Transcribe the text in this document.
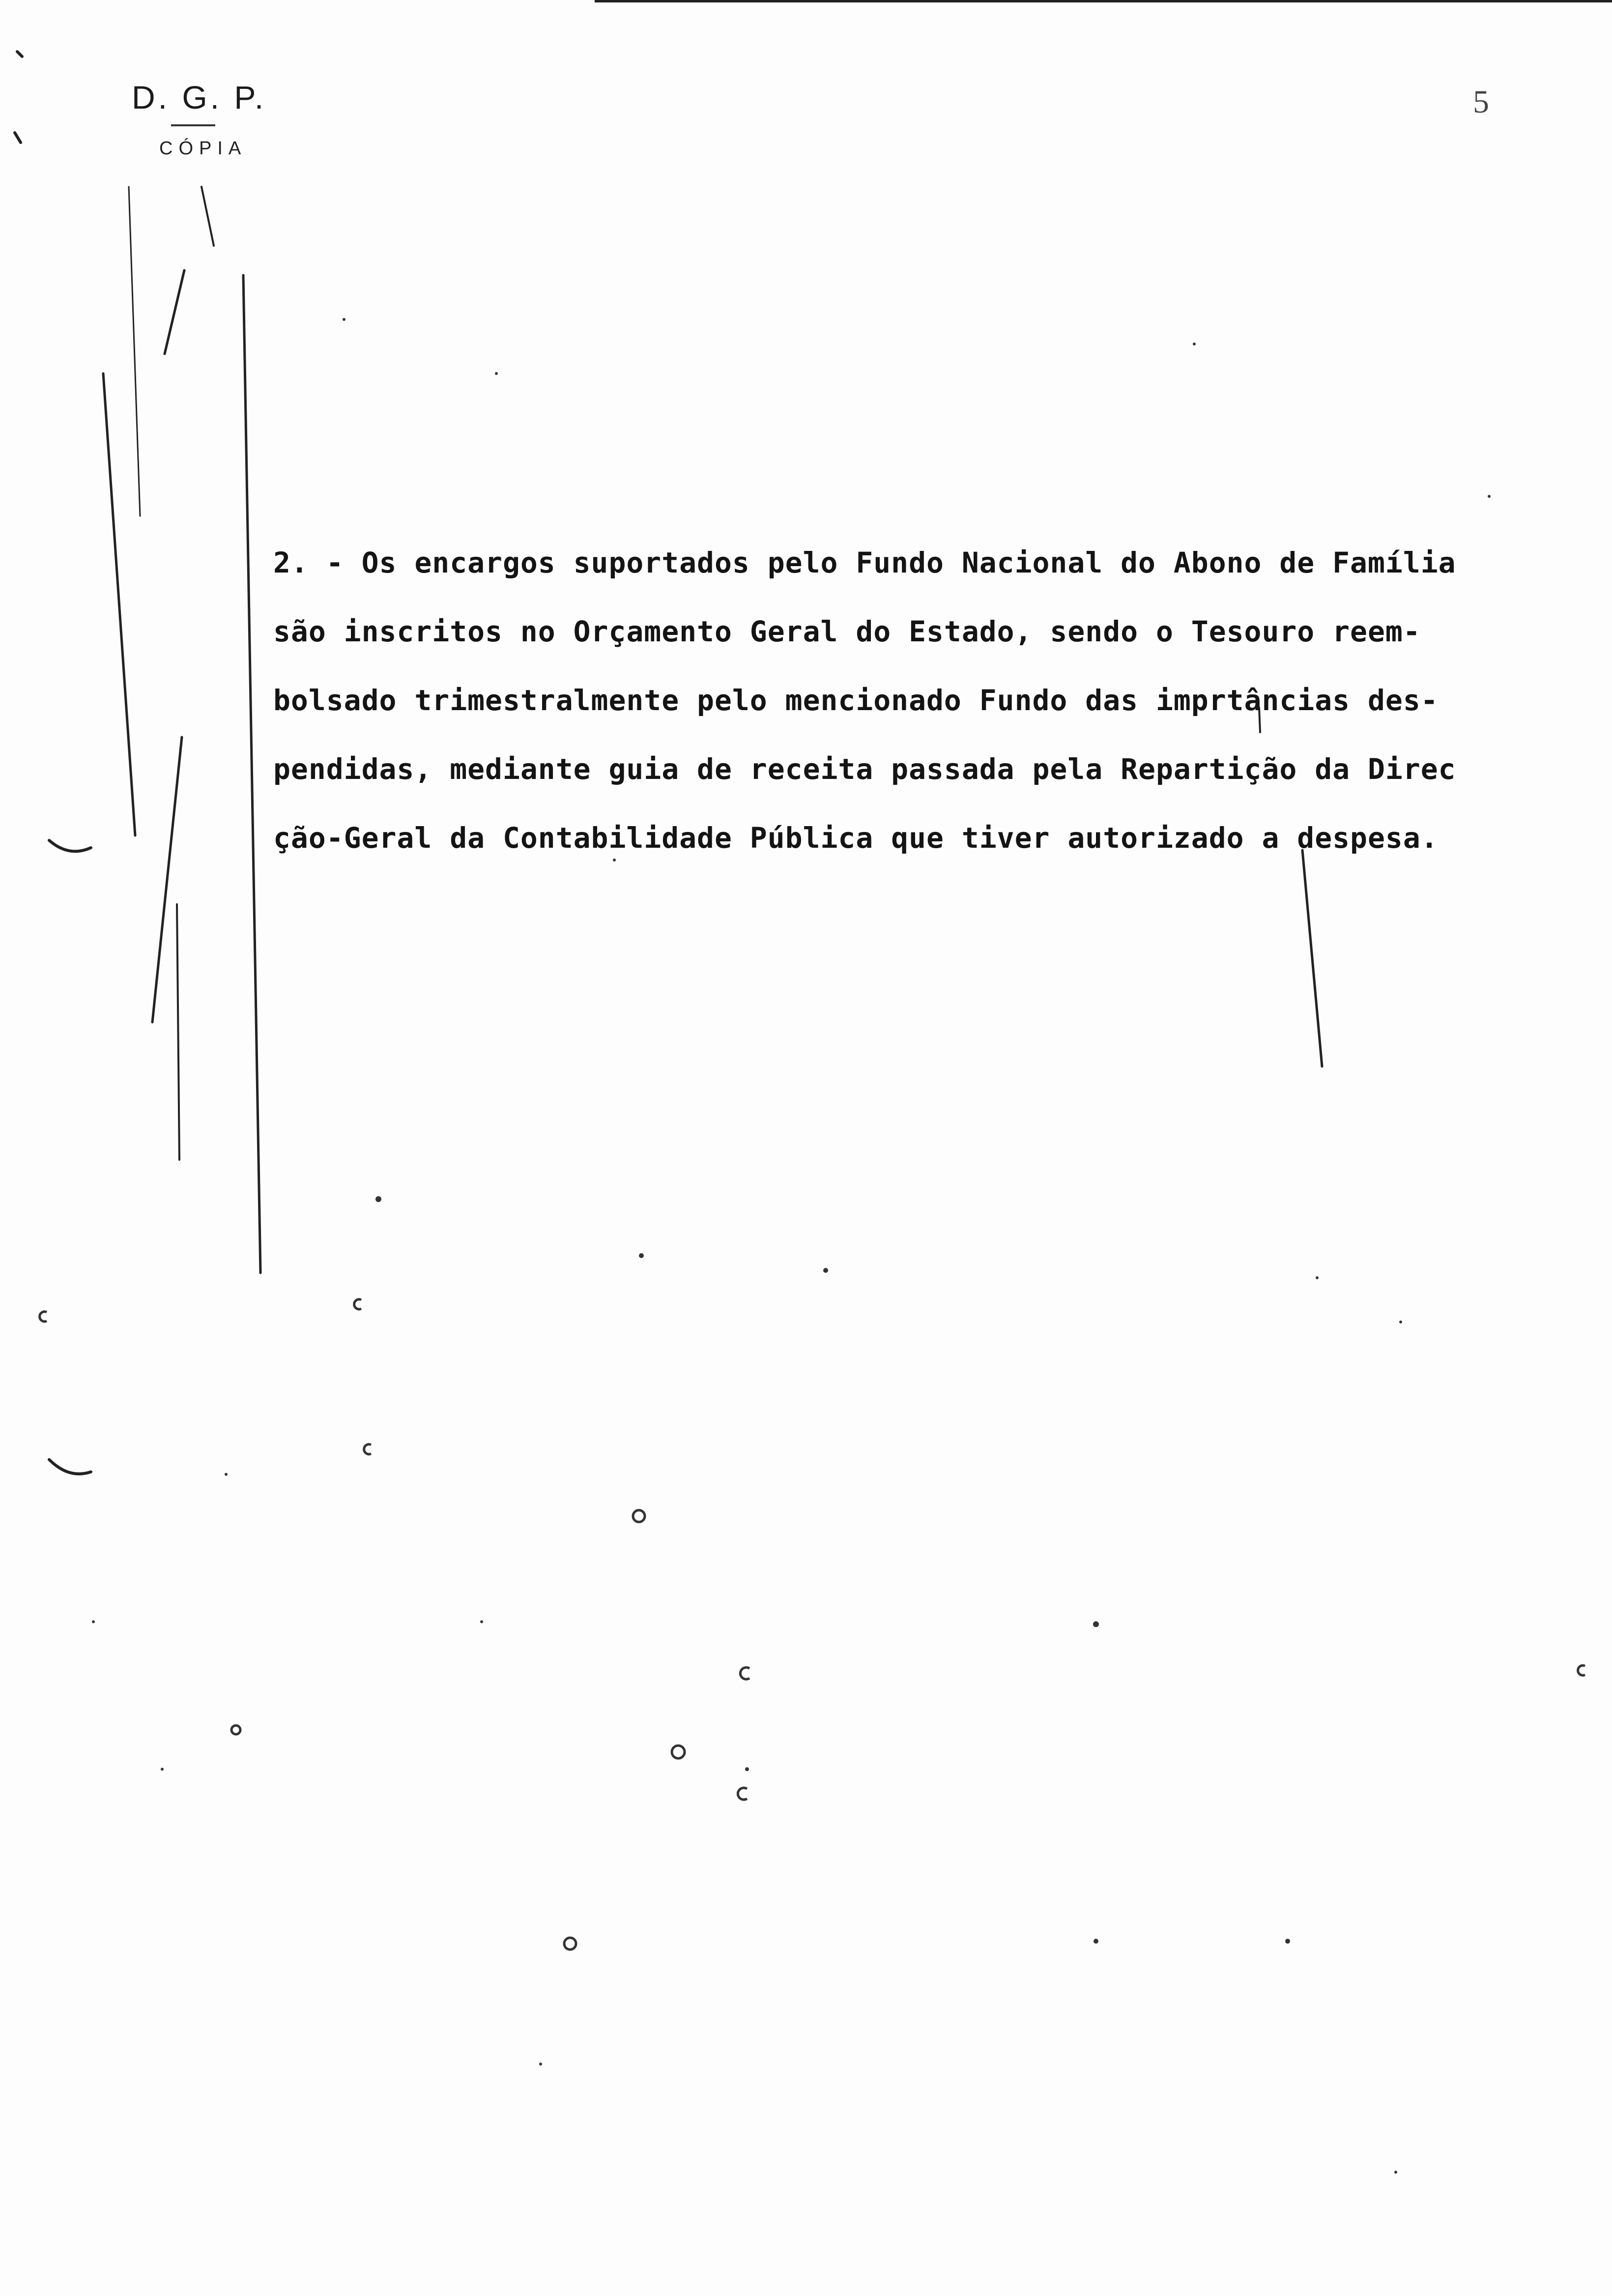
D. G. P.
CÓPIA
5
2. - Os encargos suportados pelo Fundo Nacional do Abono de Família
são inscritos no Orçamento Geral do Estado, sendo o Tesouro reem-
bolsado trimestralmente pelo mencionado Fundo das imprtâncias des-
pendidas, mediante guia de receita passada pela Repartição da Direc
ção-Geral da Contabilidade Pública que tiver autorizado a despesa.
